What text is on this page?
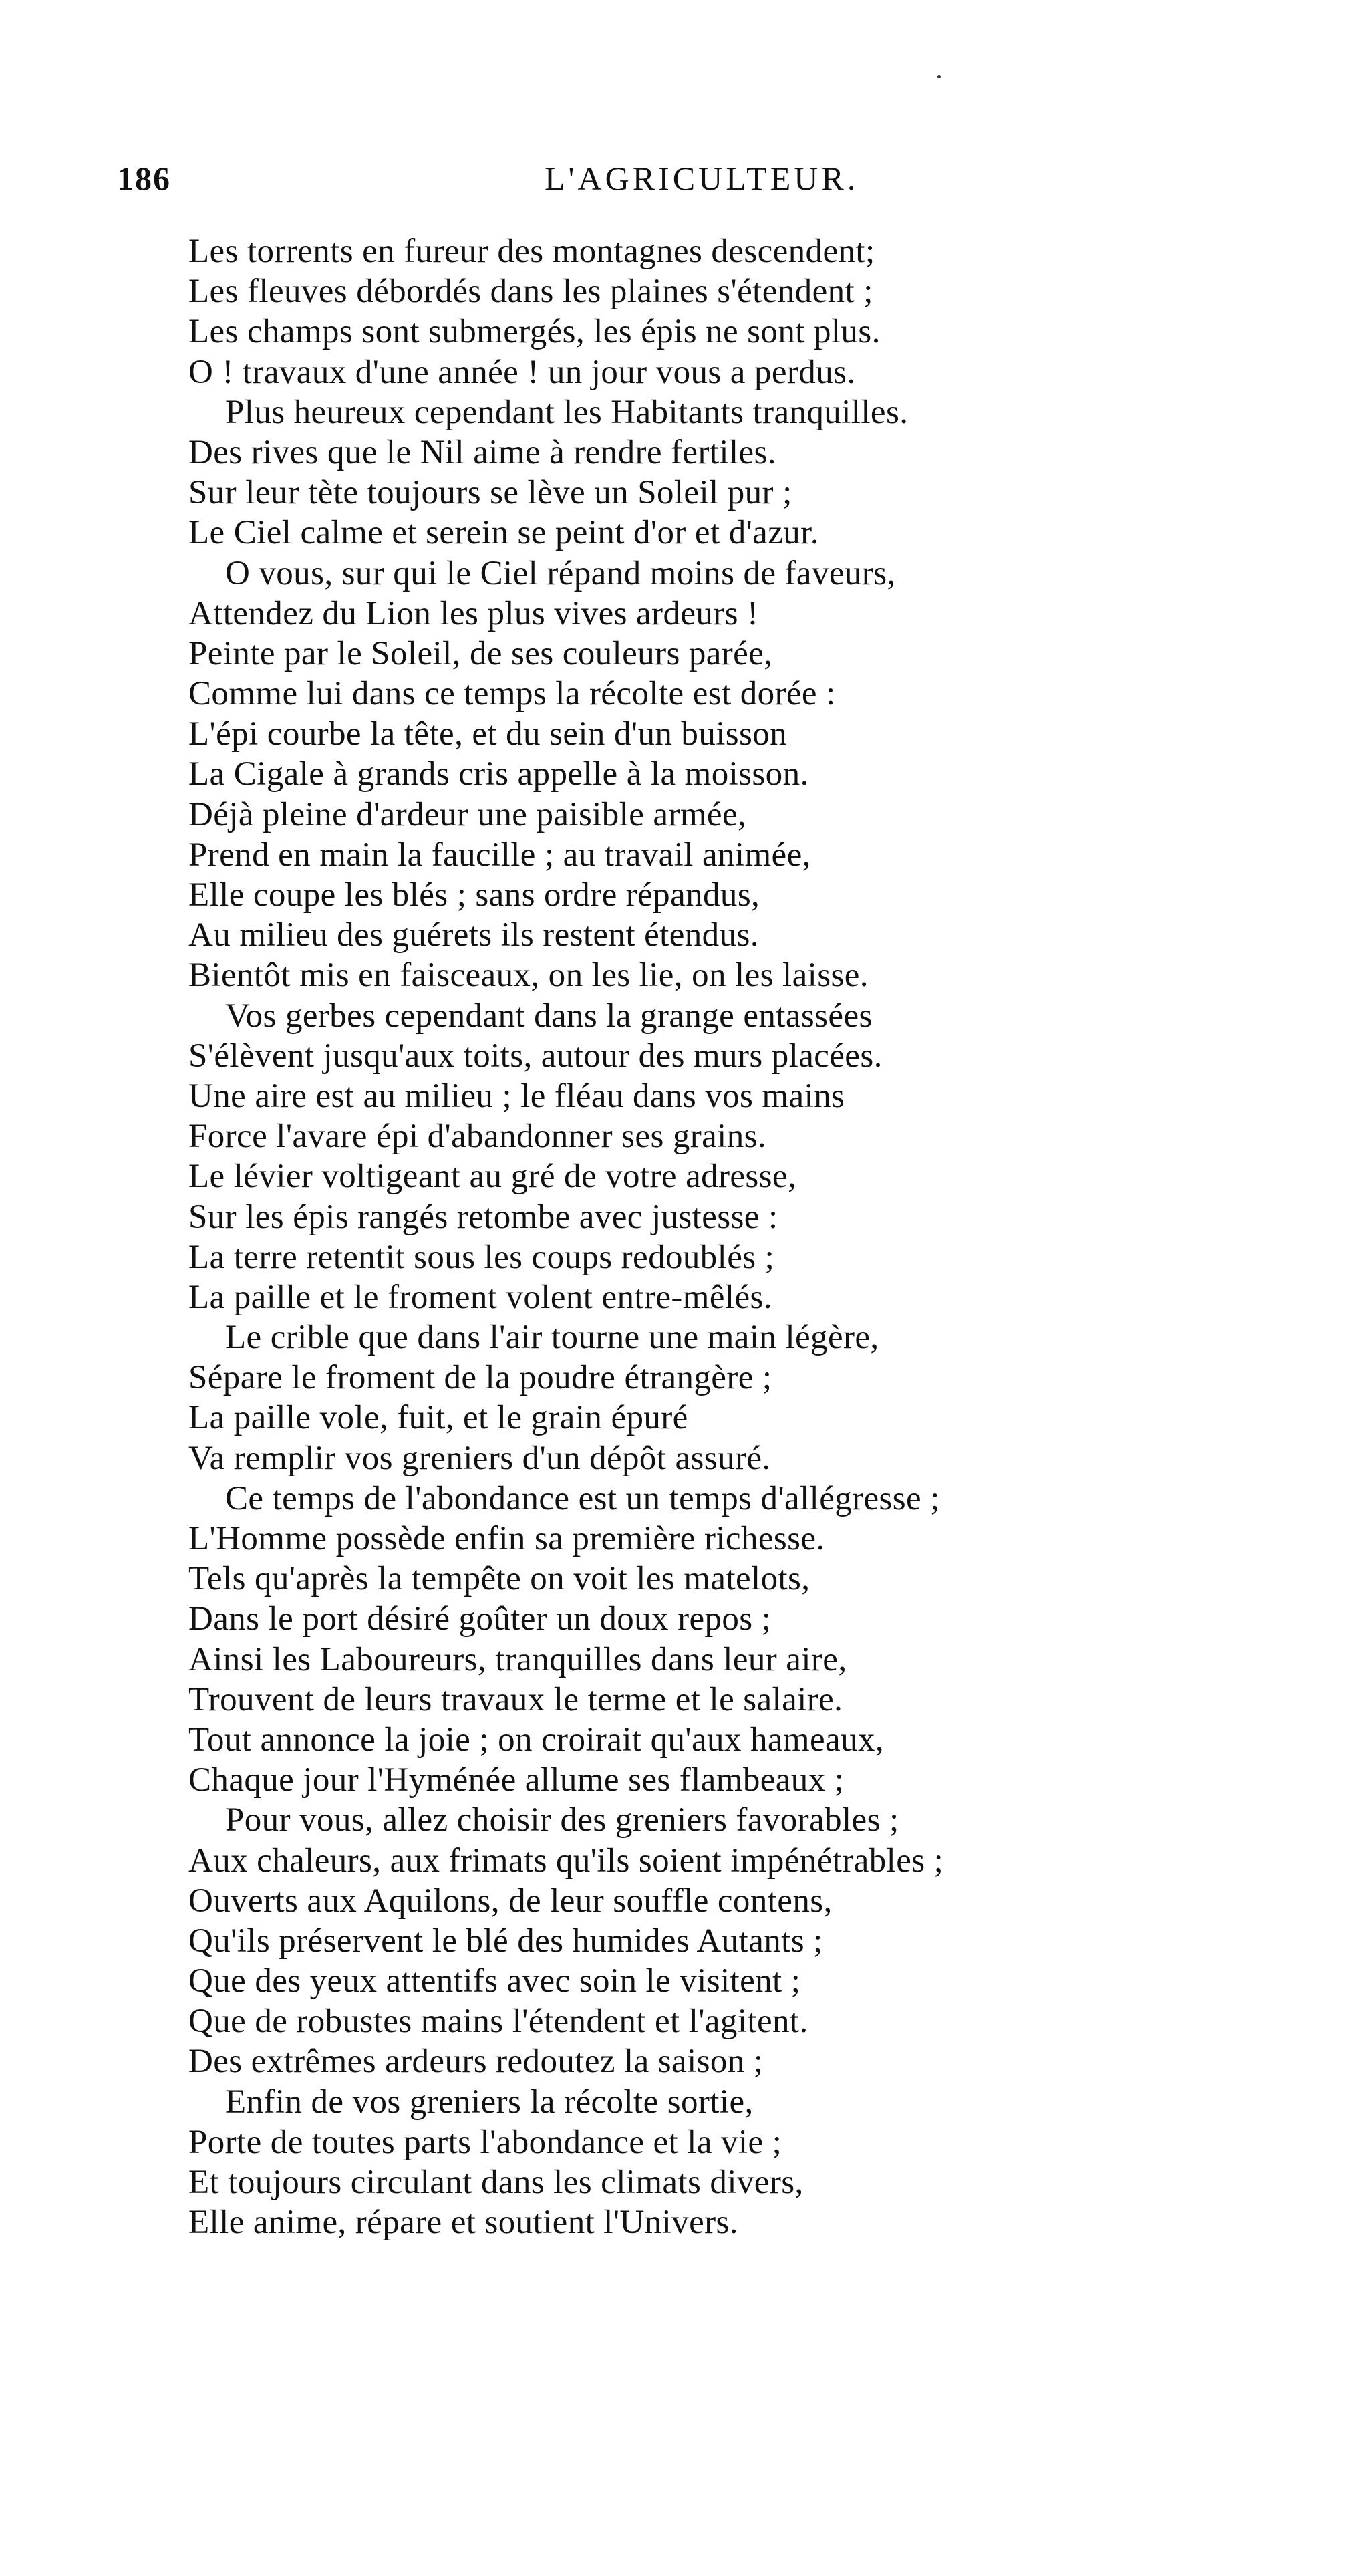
186	L'AGRICULTEUR.
Les torrents en fureur des montagnes descendent;
Les fleuves débordés dans les plaines s'étendent ;
Les champs sont submergés, les épis ne sont plus.
O ! travaux d'une année ! un jour vous a perdus.
Plus heureux cependant les Habitants tranquilles.
Des rives que le Nil aime à rendre fertiles.
Sur leur tète toujours se lève un Soleil pur ;
Le Ciel calme et serein se peint d'or et d'azur.
O vous, sur qui le Ciel répand moins de faveurs,
Attendez du Lion les plus vives ardeurs !
Peinte par le Soleil, de ses couleurs parée,
Comme lui dans ce temps la récolte est dorée :
L'épi courbe la tête, et du sein d'un buisson
La Cigale à grands cris appelle à la moisson.
Déjà pleine d'ardeur une paisible armée,
Prend en main la faucille ; au travail animée,
Elle coupe les blés ; sans ordre répandus,
Au milieu des guérets ils restent étendus.
Bientôt mis en faisceaux, on les lie, on les laisse.
Vos gerbes cependant dans la grange entassées
S'élèvent jusqu'aux toits, autour des murs placées.
Une aire est au milieu ; le fléau dans vos mains
Force l'avare épi d'abandonner ses grains.
Le lévier voltigeant au gré de votre adresse,
Sur les épis rangés retombe avec justesse :
La terre retentit sous les coups redoublés ;
La paille et le froment volent entre-mêlés.
Le crible que dans l'air tourne une main légère,
Sépare le froment de la poudre étrangère ;
La paille vole, fuit, et le grain épuré
Va remplir vos greniers d'un dépôt assuré.
Ce temps de l'abondance est un temps d'allégresse ;
L'Homme possède enfin sa première richesse.
Tels qu'après la tempête on voit les matelots,
Dans le port désiré goûter un doux repos ;
Ainsi les Laboureurs, tranquilles dans leur aire,
Trouvent de leurs travaux le terme et le salaire.
Tout annonce la joie ; on croirait qu'aux hameaux,
Chaque jour l'Hyménée allume ses flambeaux ;
Pour vous, allez choisir des greniers favorables ;
Aux chaleurs, aux frimats qu'ils soient impénétrables ;
Ouverts aux Aquilons, de leur souffle contens,
Qu'ils préservent le blé des humides Autants ;
Que des yeux attentifs avec soin le visitent ;
Que de robustes mains l'étendent et l'agitent.
Des extrêmes ardeurs redoutez la saison ;
Enfin de vos greniers la récolte sortie,
Porte de toutes parts l'abondance et la vie ;
Et toujours circulant dans les climats divers,
Elle anime, répare et soutient l'Univers.
